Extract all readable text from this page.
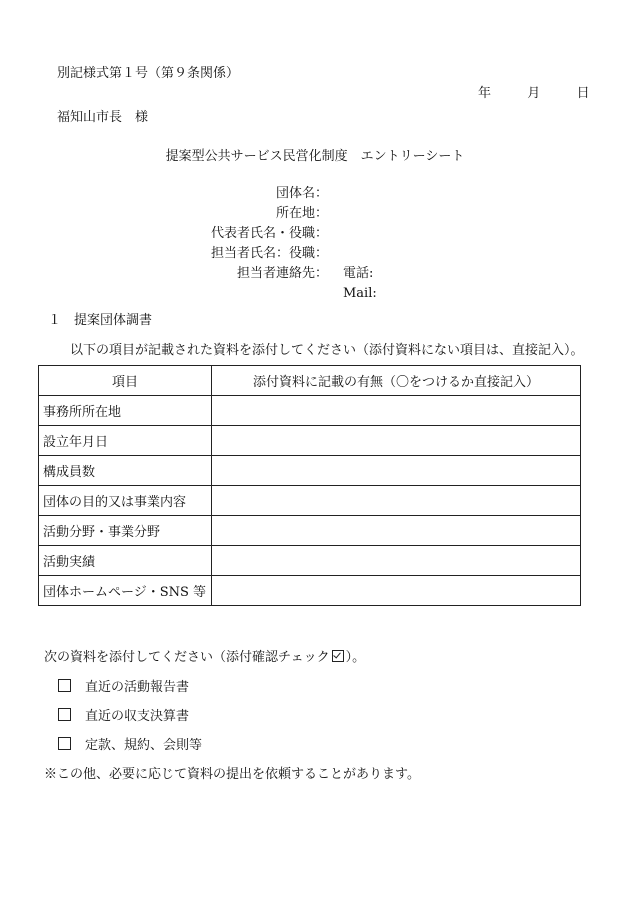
別記様式第１号（第９条関係）
年	月	日
福知山市長　様
提案型公共サービス民営化制度　エントリーシート
団体名：
所在地：
代表者氏名・役職：
担当者氏名：役職：
担当者連絡先： 電話:
Mail:
１　提案団体調書
以下の項目が記載された資料を添付してください（添付資料にない項目は、直接記入）。
項目	添付資料に記載の有無（〇をつけるか直接記入）
事務所所在地	
設立年月日	
構成員数	
団体の目的又は事業内容	
活動分野・事業分野	
活動実績	
団体ホームページ・SNS 等	
次の資料を添付してください（添付確認チェック ）。
直近の活動報告書
直近の収支決算書
定款、規約、会則等
※この他、必要に応じて資料の提出を依頼することがあります。
